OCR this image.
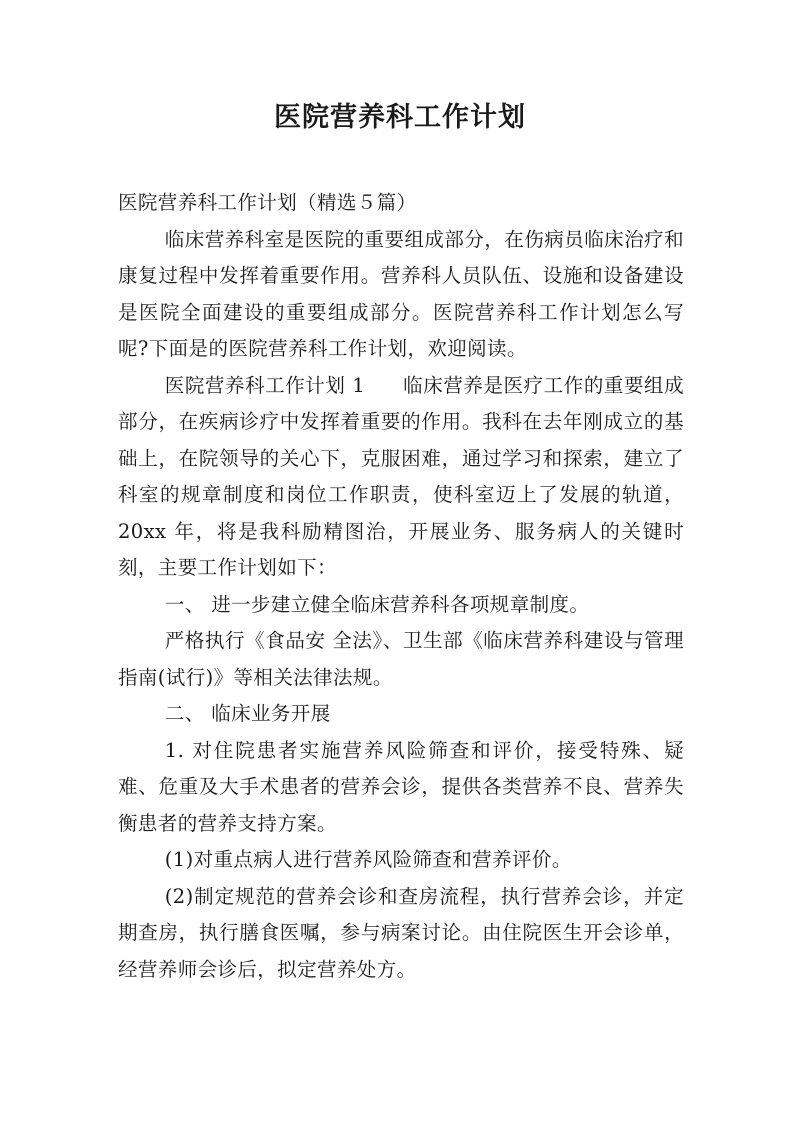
医院营养科工作计划

医院营养科工作计划（精选５篇）

临床营养科室是医院的重要组成部分，在伤病员临床治疗和康复过程中发挥着重要作用。营养科人员队伍、设施和设备建设是医院全面建设的重要组成部分。医院营养科工作计划怎么写呢?下面是的医院营养科工作计划，欢迎阅读。

医院营养科工作计划 1 临床营养是医疗工作的重要组成部分，在疾病诊疗中发挥着重要的作用。我科在去年刚成立的基础上，在院领导的关心下，克服困难，通过学习和探索，建立了科室的规章制度和岗位工作职责，使科室迈上了发展的轨道，20xx 年，将是我科励精图治，开展业务、服务病人的关键时刻，主要工作计划如下：

一、 进一步建立健全临床营养科各项规章制度。

严格执行《食品安 全法》、卫生部《临床营养科建设与管理指南(试行)》等相关法律法规。

二、 临床业务开展

1. 对住院患者实施营养风险筛查和评价，接受特殊、疑难、危重及大手术患者的营养会诊，提供各类营养不良、营养失衡患者的营养支持方案。

(1)对重点病人进行营养风险筛查和营养评价。

(2)制定规范的营养会诊和查房流程，执行营养会诊，并定期查房，执行膳食医嘱，参与病案讨论。由住院医生开会诊单，经营养师会诊后，拟定营养处方。
